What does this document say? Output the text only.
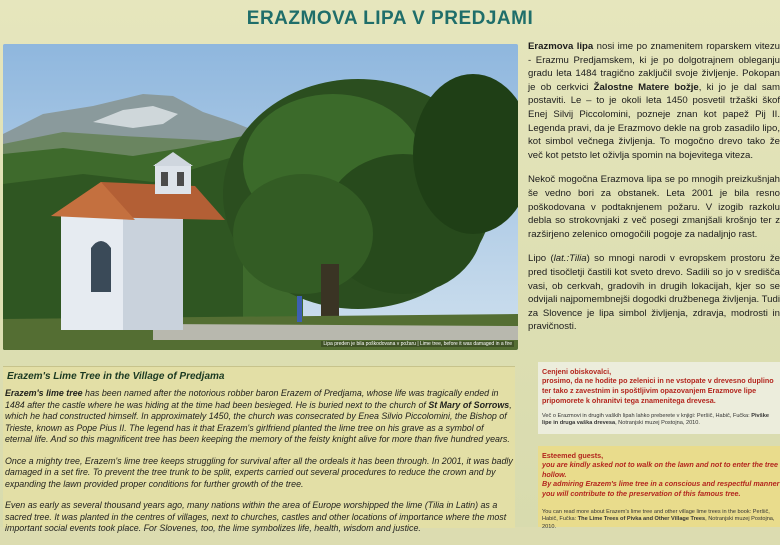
ERAZMOVA LIPA V PREDJAMI
Lipa preden je bila poškodovana v požaru | Lime tree, before it was damaged in a fire

Erazmova lipa nosi ime po znamenitem roparskem vitezu - Erazmu Predjamskem, ki je po dolgotrajnem obleganju gradu leta 1484 tragično zaključil svoje življenje. Pokopan je ob cerkvici Žalostne Matere božje, ki jo je dal sam postaviti. Le – to je okoli leta 1450 posvetil tržaški škof Enej Silvij Piccolomini, pozneje znan kot papež Pij II. Legenda pravi, da je Erazmovo dekle na grob zasadilo lipo, kot simbol večnega življenja. To mogočno drevo tako že več kot petsto let oživlja spomin na bojevitega viteza.

Nekoč mogočna Erazmova lipa se po mnogih preizkušnjah še vedno bori za obstanek. Leta 2001 je bila resno poškodovana v podtaknjenem požaru. V izogib razkolu debla so strokovnjaki z več posegi zmanjšali krošnjo ter z razširjeno zelenico omogočili pogoje za nadaljnjo rast.

Lipo (lat.:Tilia) so mnogi narodi v evropskem prostoru že pred tisočletji častili kot sveto drevo. Sadili so jo v središča vasi, ob cerkvah, gradovih in drugih lokacijah, kjer so se odvijali najpomembnejši dogodki družbenega življenja. Tudi za Slovence je lipa simbol življenja, zdravja, modrosti in pravičnosti.

Erazem's Lime Tree in the Village of Predjama

Erazem's lime tree has been named after the notorious robber baron Erazem of Predjama, whose life was tragically ended in 1484 after the castle where he was hiding at the time had been besieged. He is buried next to the church of St Mary of Sorrows, which he had constructed himself. In approximately 1450, the church was consecrated by Enea Silvio Piccolomini, the Bishop of Trieste, known as Pope Pius II. The legend has it that Erazem's girlfriend planted the lime tree on his grave as a symbol of eternal life. And so this magnificent tree has been keeping the memory of the feisty knight alive for more than five hundred years.

Once a mighty tree, Erazem's lime tree keeps struggling for survival after all the ordeals it has been through. In 2001, it was badly damaged in a set fire. To prevent the tree trunk to be split, experts carried out several procedures to reduce the crown and by expanding the lawn provided proper conditions for further growth of the tree.

Even as early as several thousand years ago, many nations within the area of Europe worshipped the lime (Tilia in Latin) as a sacred tree. It was planted in the centres of villages, next to churches, castles and other locations of importance where the most important social events took place. For Slovenes, too, the lime symbolizes life, health, wisdom and justice.

Cenjeni obiskovalci,
prosimo, da ne hodite po zelenici in ne vstopate v drevesno duplino ter tako z zavestnim in spoštljivim opazovanjem Erazmove lipe pripomorete k ohranitvi tega znamenitega drevesa.
Več o Erazmovi in drugih vaških lipah lahko preberete v knjigi: Peršič, Habič, Fučka: Pivške lipe in druga vaška drevesa, Notranjski muzej Postojna, 2010.
Esteemed guests,
you are kindly asked not to walk on the lawn and not to enter the tree hollow.
By admiring Erazem's lime tree in a conscious and respectful manner you will contribute to the preservation of this famous tree.
You can read more about Erazem's lime tree and other village lime trees in the book: Peršič, Habič, Fučka: The Lime Trees of Pivka and Other Village Trees, Notranjski muzej Postojna, 2010.
